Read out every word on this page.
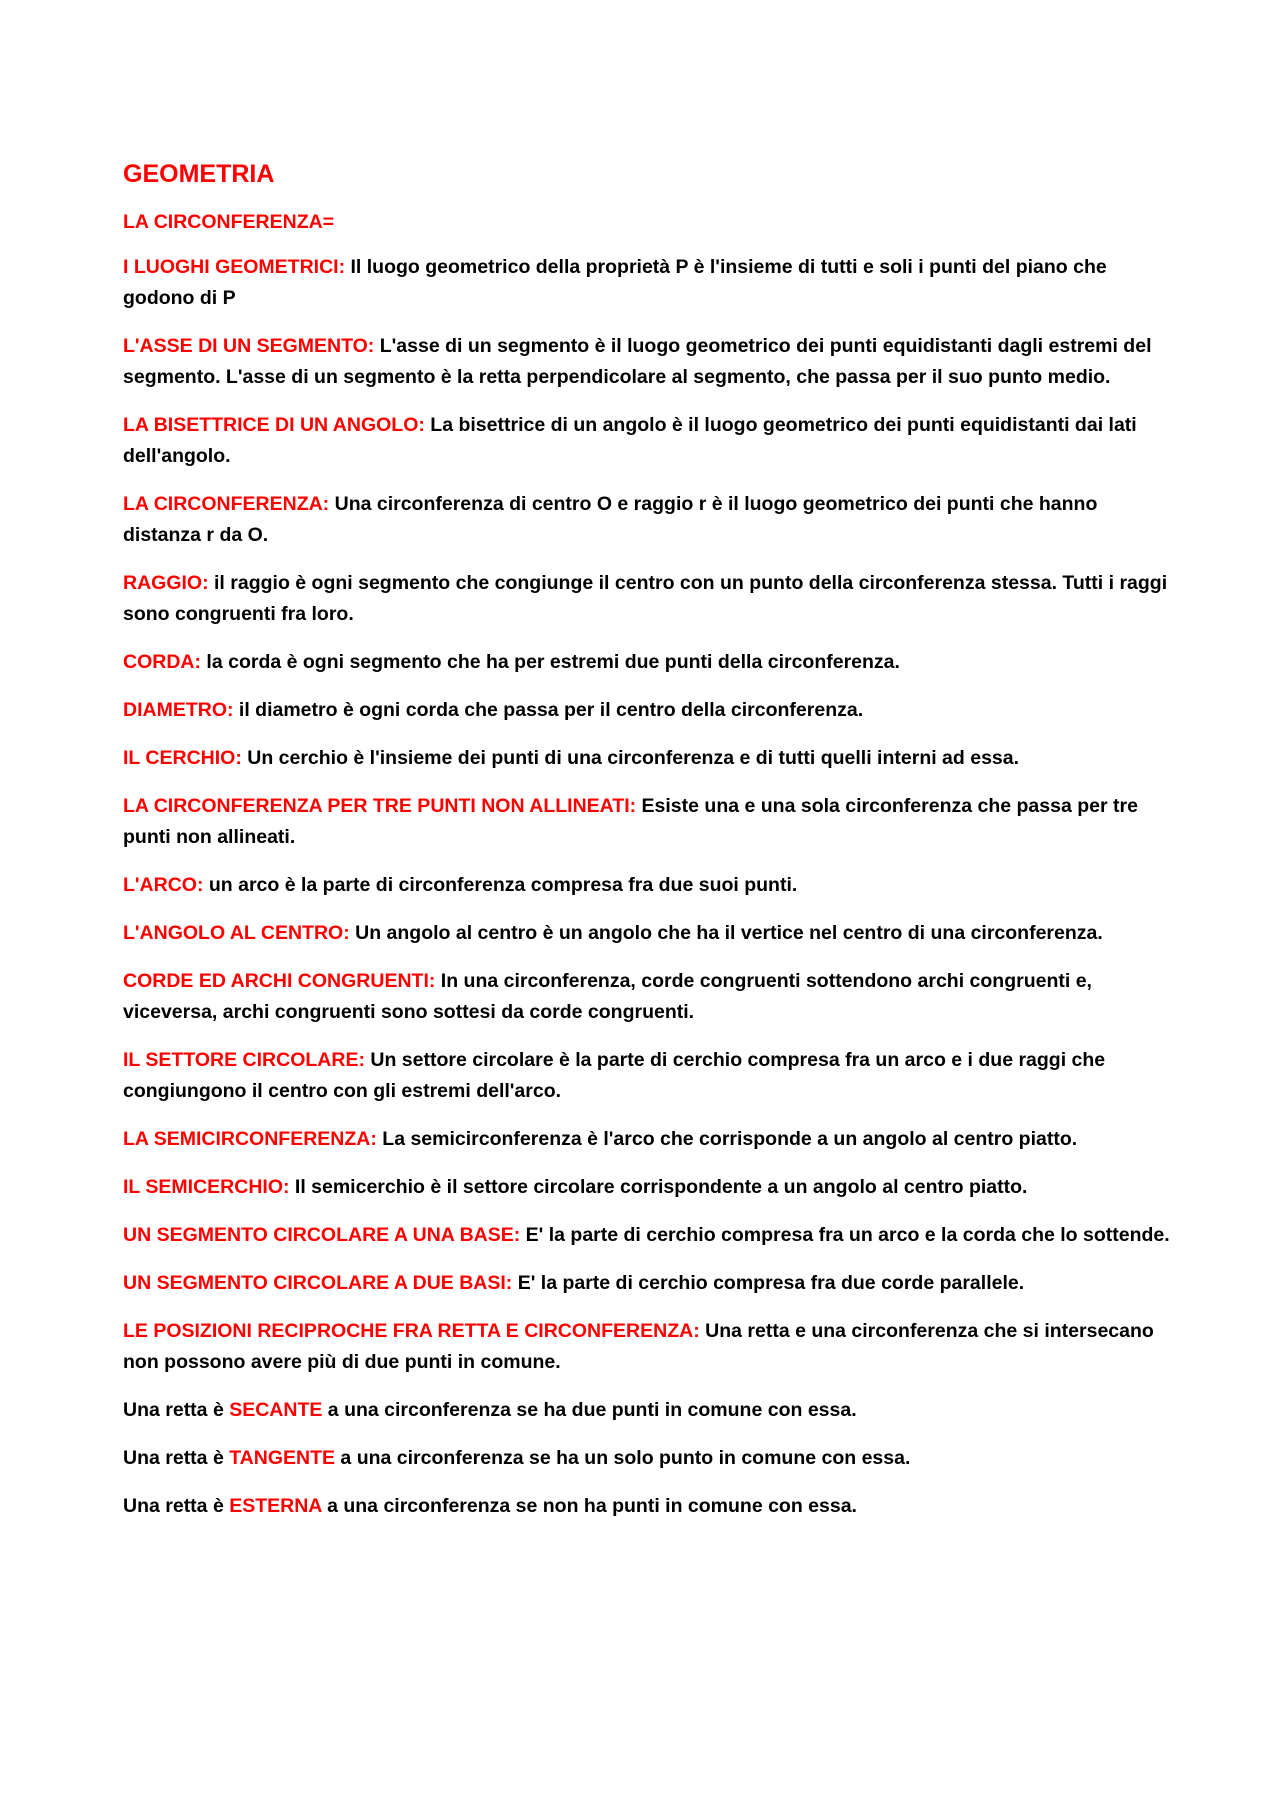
GEOMETRIA
LA CIRCONFERENZA=

I LUOGHI GEOMETRICI: Il luogo geometrico della proprietà P è l'insieme di tutti e soli i punti del piano che godono di P

L'ASSE DI UN SEGMENTO: L'asse di un segmento è il luogo geometrico dei punti equidistanti dagli estremi del segmento. L'asse di un segmento è la retta perpendicolare al segmento, che passa per il suo punto medio.

LA BISETTRICE DI UN ANGOLO: La bisettrice di un angolo è il luogo geometrico dei punti equidistanti dai lati dell'angolo.

LA CIRCONFERENZA: Una circonferenza di centro O e raggio r è il luogo geometrico dei punti che hanno distanza r da O.

RAGGIO: il raggio è ogni segmento che congiunge il centro con un punto della circonferenza stessa. Tutti i raggi sono congruenti fra loro.

CORDA: la corda è ogni segmento che ha per estremi due punti della circonferenza.

DIAMETRO: il diametro è ogni corda che passa per il centro della circonferenza.

IL CERCHIO: Un cerchio è l'insieme dei punti di una circonferenza e di tutti quelli interni ad essa.

LA CIRCONFERENZA PER TRE PUNTI NON ALLINEATI: Esiste una e una sola circonferenza che passa per tre punti non allineati.

L'ARCO: un arco è la parte di circonferenza compresa fra due suoi punti.

L'ANGOLO AL CENTRO: Un angolo al centro è un angolo che ha il vertice nel centro di una circonferenza.

CORDE ED ARCHI CONGRUENTI: In una circonferenza, corde congruenti sottendono archi congruenti e, viceversa, archi congruenti sono sottesi da corde congruenti.

IL SETTORE CIRCOLARE: Un settore circolare è la parte di cerchio compresa fra un arco e i due raggi che congiungono il centro con gli estremi dell'arco.

LA SEMICIRCONFERENZA: La semicirconferenza è l'arco che corrisponde a un angolo al centro piatto.

IL SEMICERCHIO: Il semicerchio è il settore circolare corrispondente a un angolo al centro piatto.

UN SEGMENTO CIRCOLARE A UNA BASE: E' la parte di cerchio compresa fra un arco e la corda che lo sottende.

UN SEGMENTO CIRCOLARE A DUE BASI: E' la parte di cerchio compresa fra due corde parallele.

LE POSIZIONI RECIPROCHE FRA RETTA E CIRCONFERENZA: Una retta e una circonferenza che si intersecano non possono avere più di due punti in comune.

Una retta è SECANTE a una circonferenza se ha due punti in comune con essa.

Una retta è TANGENTE a una circonferenza se ha un solo punto in comune con essa.

Una retta è ESTERNA a una circonferenza se non ha punti in comune con essa.
